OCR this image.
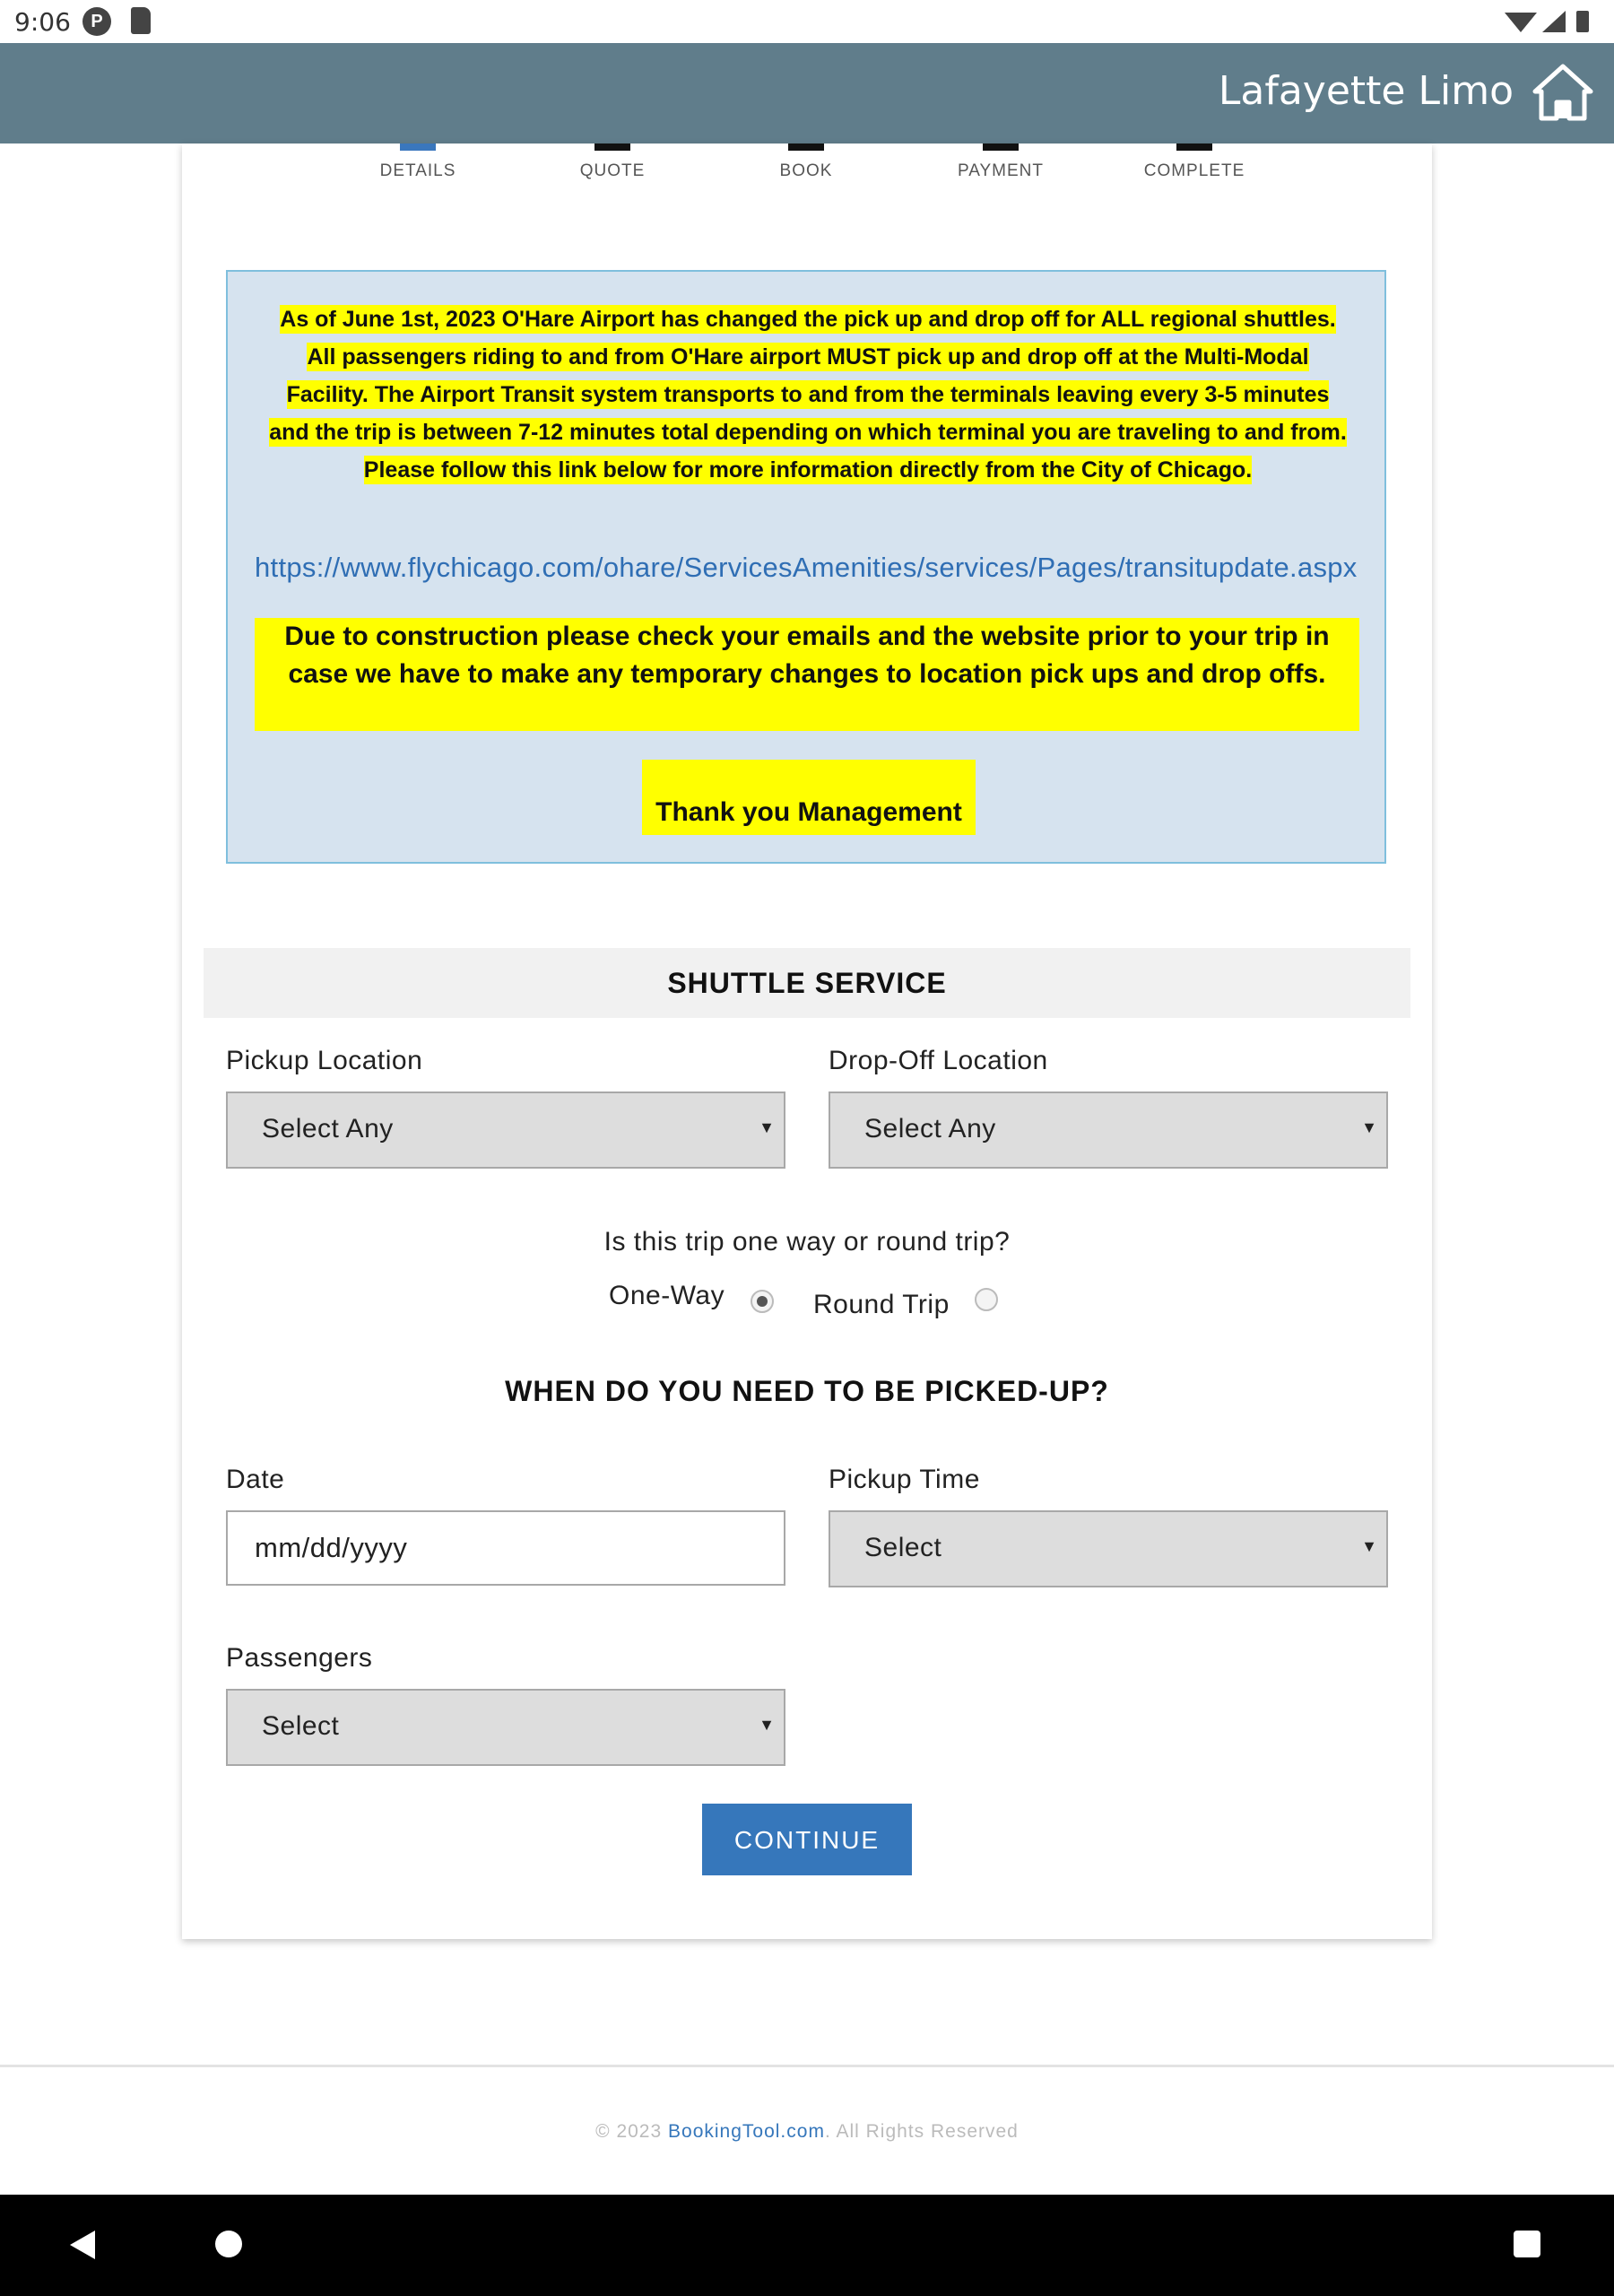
9:06	P
Lafayette Limo
DETAILS	QUOTE	BOOK	PAYMENT	COMPLETE
As of June 1st, 2023 O'Hare Airport has changed the pick up and drop off for ALL regional shuttles. All passengers riding to and from O'Hare airport MUST pick up and drop off at the Multi-Modal Facility. The Airport Transit system transports to and from the terminals leaving every 3-5 minutes and the trip is between 7-12 minutes total depending on which terminal you are traveling to and from. Please follow this link below for more information directly from the City of Chicago.
https://www.flychicago.com/ohare/ServicesAmenities/services/Pages/transitupdate.aspx
Due to construction please check your emails and the website prior to your trip in case we have to make any temporary changes to location pick ups and drop offs.
Thank you Management
SHUTTLE SERVICE
Pickup Location
Select Any	▼
Drop-Off Location
Select Any	▼
Is this trip one way or round trip?
One-Way	Round Trip
WHEN DO YOU NEED TO BE PICKED-UP?
Date
mm/dd/yyyy
Pickup Time
Select	▼
Passengers
Select	▼
CONTINUE
© 2023 BookingTool.com. All Rights Reserved
